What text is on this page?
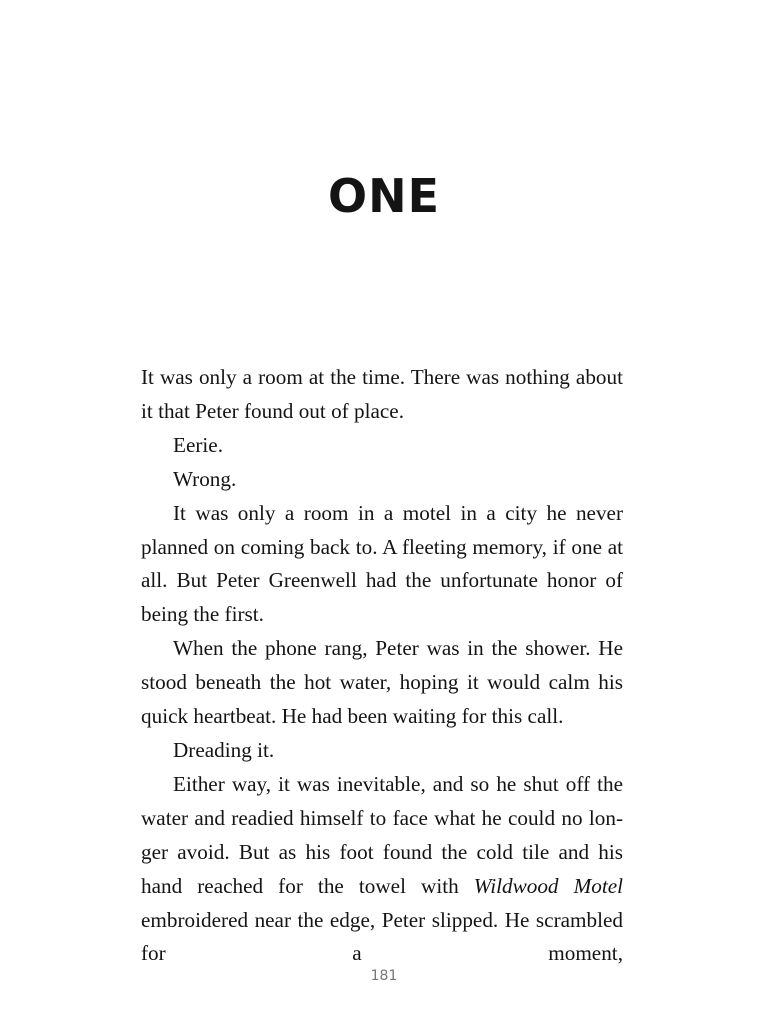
ONE

It was only a room at the time. There was nothing about it that Peter found out of place.

Eerie.

Wrong.

It was only a room in a motel in a city he never planned on coming back to. A fleeting memory, if one at all. But Peter Greenwell had the unfortunate honor of being the first.

When the phone rang, Peter was in the shower. He stood beneath the hot water, hoping it would calm his quick heartbeat. He had been waiting for this call.

Dreading it.

Either way, it was inevitable, and so he shut off the water and readied himself to face what he could no longer avoid. But as his foot found the cold tile and his hand reached for the towel with Wildwood Motel embroidered near the edge, Peter slipped. He scrambled for a moment,

181
